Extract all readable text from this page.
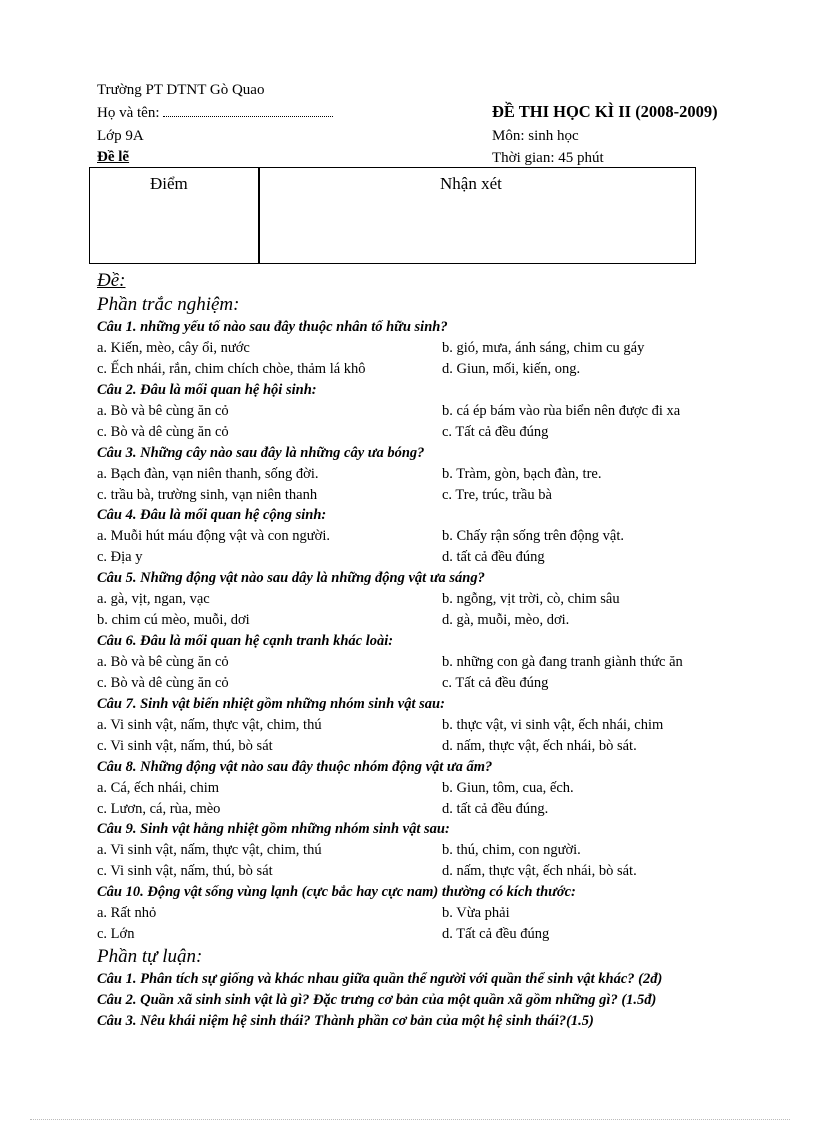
Trường PT DTNT Gò Quao
Họ và tên:
Lớp 9A
Đề lẽ
ĐỀ THI HỌC KÌ II (2008-2009)
Môn: sinh học
Thời gian: 45 phút
Điểm	Nhận xét
Đề:
Phần trắc nghiệm:
Câu 1. những yếu tố nào sau đây thuộc nhân tố hữu sinh?
a. Kiến, mèo, cây ổi, nước	b. gió, mưa, ánh sáng, chim cu gáy
c. Ếch nhái, rắn, chim chích chòe, thảm lá khô	d. Giun, mối, kiến, ong.
Câu 2. Đâu là mối quan hệ hội sinh:
a. Bò và bê cùng ăn cỏ	b. cá ép bám vào rùa biển nên được đi xa
c. Bò và dê cùng ăn cỏ	c. Tất cả đều đúng
Câu 3. Những cây nào sau đây là những cây ưa bóng?
a. Bạch đàn, vạn niên thanh, sống đời.	b. Tràm, gòn, bạch đàn, tre.
c. trầu bà, trường sinh, vạn niên thanh	c. Tre, trúc, trầu bà
Câu 4. Đâu là mối quan hệ cộng sinh:
a. Muỗi hút máu động vật và con người.	b. Chấy rận sống trên động vật.
c. Địa y	d. tất cả đều đúng
Câu 5. Những động vật nào sau dây là những động vật ưa sáng?
a. gà, vịt, ngan, vạc	b. ngỗng, vịt trời, cò, chim sâu
b. chim cú mèo, muỗi, dơi	d. gà, muỗi, mèo, dơi.
Câu 6. Đâu là mối quan hệ cạnh tranh khác loài:
a. Bò và bê cùng ăn cỏ	b. những con gà đang tranh giành thức ăn
c. Bò và dê cùng ăn cỏ	c. Tất cả đều đúng
Câu 7. Sinh vật biến nhiệt gồm những nhóm sinh vật sau:
a. Vi sinh vật, nấm, thực vật, chim, thú	b. thực vật, vi sinh vật, ếch nhái, chim
c. Vi sinh vật, nấm, thú, bò sát	d. nấm, thực vật, ếch nhái, bò sát.
Câu 8. Những động vật nào sau đây thuộc nhóm động vật ưa ẩm?
a. Cá, ếch nhái, chim	b. Giun, tôm, cua, ếch.
c. Lươn, cá, rùa, mèo	d. tất cả đều đúng.
Câu 9. Sinh vật hằng nhiệt gồm những nhóm sinh vật sau:
a. Vi sinh vật, nấm, thực vật, chim, thú	b. thú, chim, con người.
c. Vi sinh vật, nấm, thú, bò sát	d. nấm, thực vật, ếch nhái, bò sát.
Câu 10. Động vật sống vùng lạnh (cực bắc hay cực nam) thường có kích thước:
a. Rất nhỏ	b. Vừa phải
c. Lớn	d. Tất cả đều đúng
Phần tự luận:
Câu 1. Phân tích sự giống và khác nhau giữa quần thể người với quần thể sinh vật khác? (2đ)
Câu 2. Quần xã sinh sinh vật là gì? Đặc trưng cơ bản của một quần xã gồm những gì? (1.5đ)
Câu 3. Nêu khái niệm hệ sinh thái? Thành phần cơ bản của một hệ sinh thái?(1.5)
